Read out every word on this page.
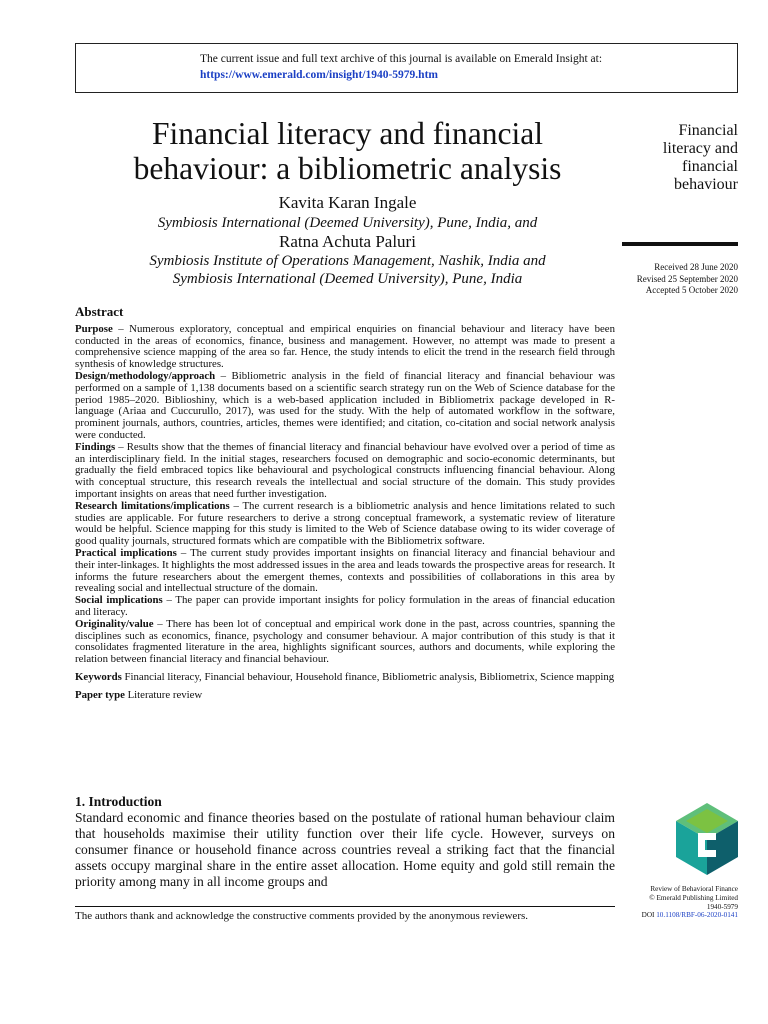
The current issue and full text archive of this journal is available on Emerald Insight at:
https://www.emerald.com/insight/1940-5979.htm
Financial literacy and financial
behaviour: a bibliometric analysis
Kavita Karan Ingale
Symbiosis International (Deemed University), Pune, India, and
Ratna Achuta Paluri
Symbiosis Institute of Operations Management, Nashik, India and
Symbiosis International (Deemed University), Pune, India
Financial
literacy and
financial
behaviour
Received 28 June 2020
Revised 25 September 2020
Accepted 5 October 2020
Abstract

Purpose – Numerous exploratory, conceptual and empirical enquiries on financial behaviour and literacy have been conducted in the areas of economics, finance, business and management. However, no attempt was made to present a comprehensive science mapping of the area so far. Hence, the study intends to elicit the trend in the research field through synthesis of knowledge structures.

Design/methodology/approach – Bibliometric analysis in the field of financial literacy and financial behaviour was performed on a sample of 1,138 documents based on a scientific search strategy run on the Web of Science database for the period 1985–2020. Biblioshiny, which is a web-based application included in Bibliometrix package developed in R-language (Ariaa and Cuccurullo, 2017), was used for the study. With the help of automated workflow in the software, prominent journals, authors, countries, articles, themes were identified; and citation, co-citation and social network analysis were conducted.

Findings – Results show that the themes of financial literacy and financial behaviour have evolved over a period of time as an interdisciplinary field. In the initial stages, researchers focused on demographic and socio-economic determinants, but gradually the field embraced topics like behavioural and psychological constructs influencing financial behaviour. Along with conceptual structure, this research reveals the intellectual and social structure of the domain. This study provides important insights on areas that need further investigation.

Research limitations/implications – The current research is a bibliometric analysis and hence limitations related to such studies are applicable. For future researchers to derive a strong conceptual framework, a systematic review of literature would be helpful. Science mapping for this study is limited to the Web of Science database owing to its wider coverage of good quality journals, structured formats which are compatible with the Bibliometrix software.

Practical implications – The current study provides important insights on financial literacy and financial behaviour and their inter-linkages. It highlights the most addressed issues in the area and leads towards the prospective areas for research. It informs the future researchers about the emergent themes, contexts and possibilities of collaborations in this area by revealing social and intellectual structure of the domain.

Social implications – The paper can provide important insights for policy formulation in the areas of financial education and literacy.

Originality/value – There has been lot of conceptual and empirical work done in the past, across countries, spanning the disciplines such as economics, finance, psychology and consumer behaviour. A major contribution of this study is that it consolidates fragmented literature in the area, highlights significant sources, authors and documents, while exploring the relation between financial literacy and financial behaviour.

Keywords Financial literacy, Financial behaviour, Household finance, Bibliometric analysis, Bibliometrix, Science mapping

Paper type Literature review

1. Introduction
Standard economic and finance theories based on the postulate of rational human behaviour claim that households maximise their utility function over their life cycle. However, surveys on consumer finance or household finance across countries reveal a striking fact that the financial assets occupy marginal share in the entire asset allocation. Home equity and gold still remain the priority among many in all income groups and
The authors thank and acknowledge the constructive comments provided by the anonymous reviewers.
Review of Behavioral Finance
© Emerald Publishing Limited
1940-5979
DOI 10.1108/RBF-06-2020-0141
